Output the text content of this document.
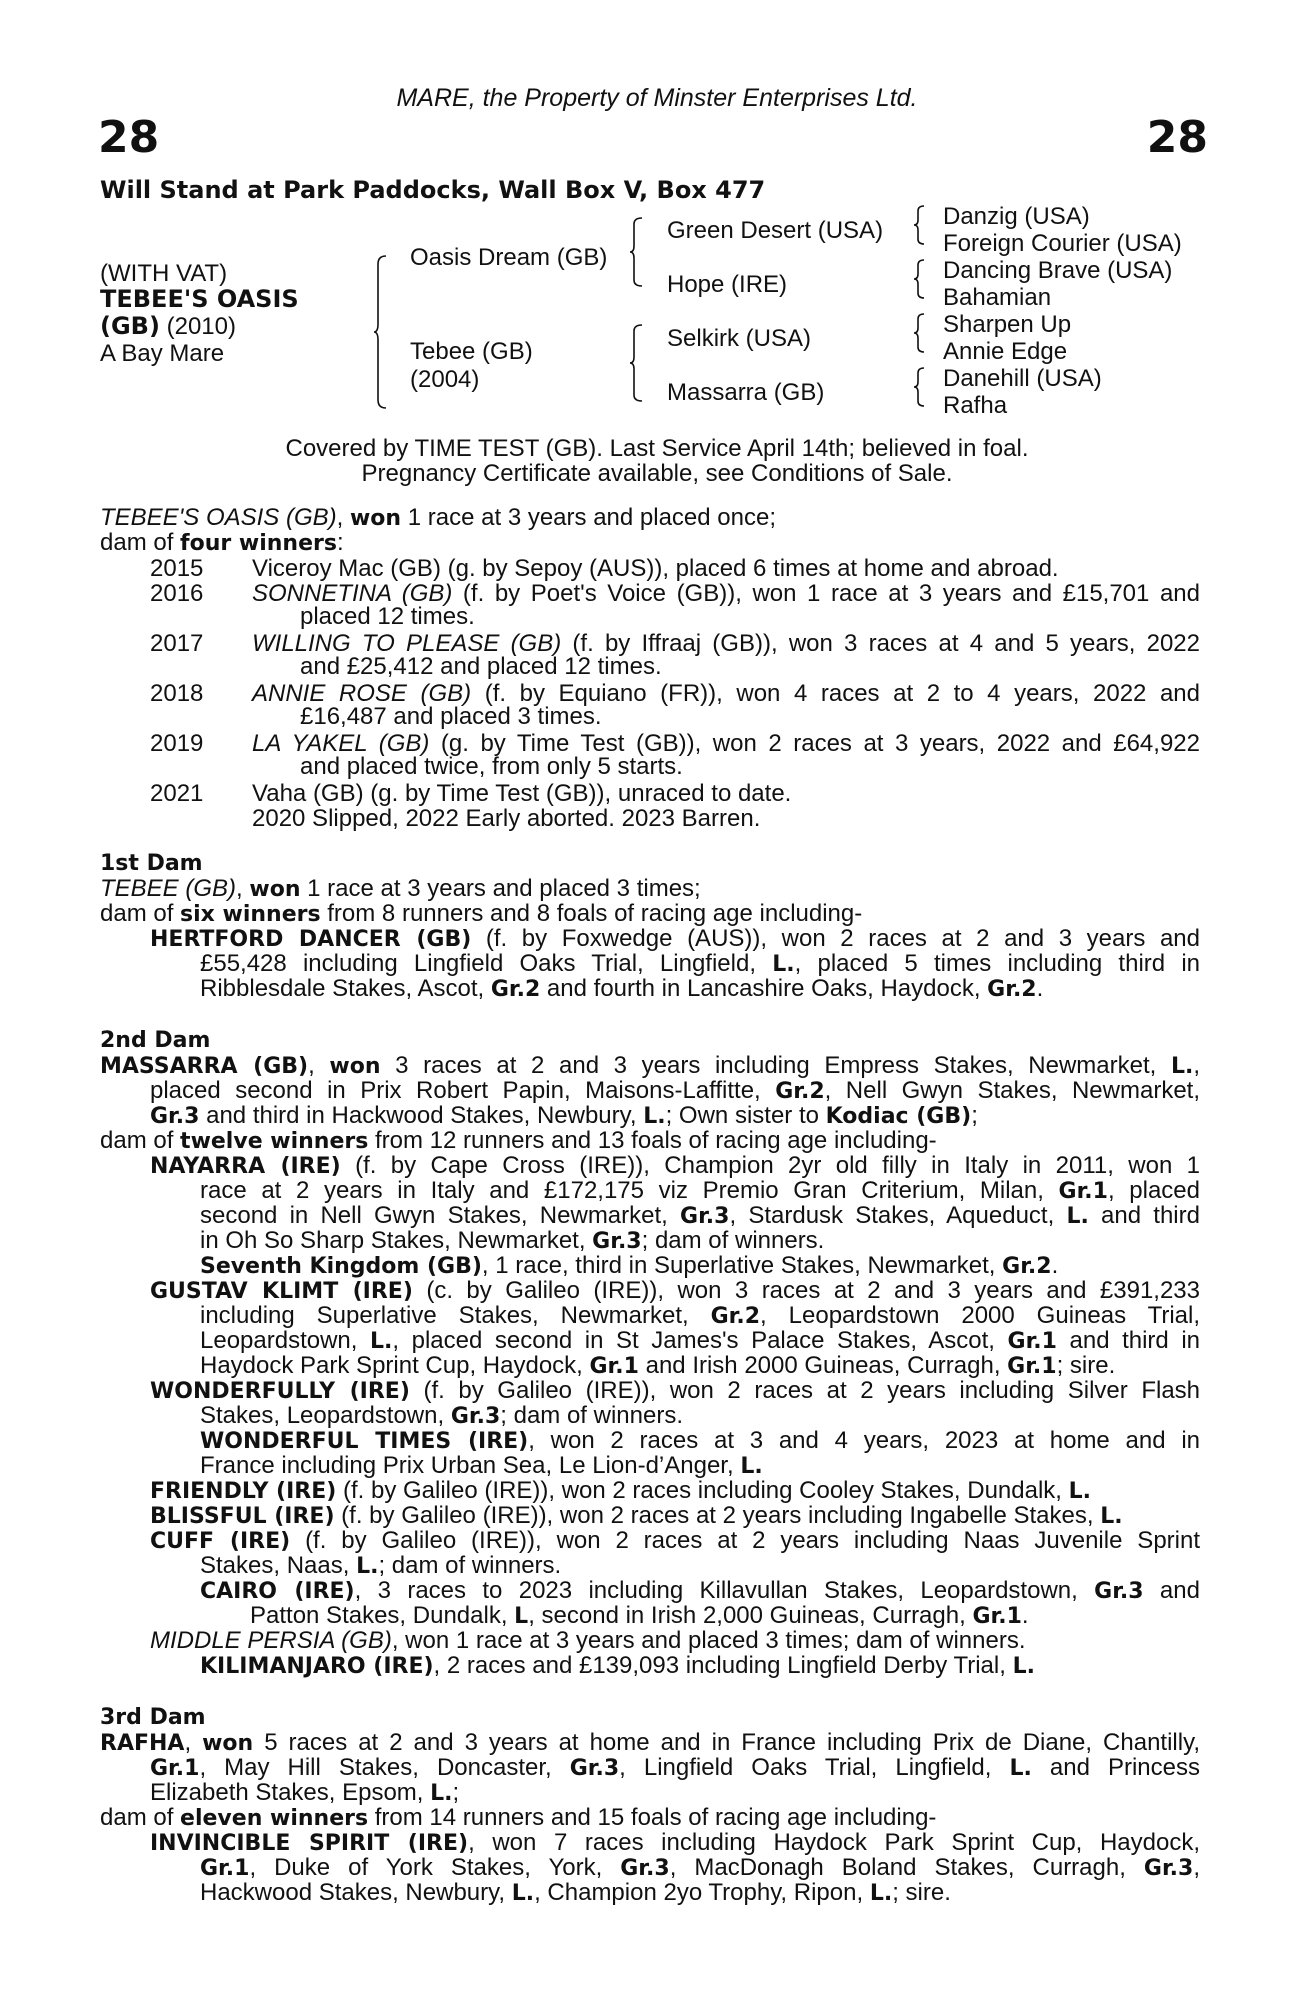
28	28
MARE, the Property of Minster Enterprises Ltd.
Will Stand at Park Paddocks, Wall Box V, Box 477
(WITH VAT)
TEBEE'S OASIS
(GB) (2010)
A Bay Mare
Oasis Dream (GB)
Tebee (GB)
(2004)
Green Desert (USA)
Hope (IRE)
Selkirk (USA)
Massarra (GB)
Danzig (USA)
Foreign Courier (USA)
Dancing Brave (USA)
Bahamian
Sharpen Up
Annie Edge
Danehill (USA)
Rafha
Covered by TIME TEST (GB). Last Service April 14th; believed in foal.
Pregnancy Certificate available, see Conditions of Sale.
TEBEE'S OASIS (GB), won 1 race at 3 years and placed once;
dam of four winners:
2015 Viceroy Mac (GB) (g. by Sepoy (AUS)), placed 6 times at home and abroad.
2016 SONNETINA (GB) (f. by Poet's Voice (GB)), won 1 race at 3 years and £15,701 and
placed 12 times.
2017 WILLING TO PLEASE (GB) (f. by Iffraaj (GB)), won 3 races at 4 and 5 years, 2022
and £25,412 and placed 12 times.
2018 ANNIE ROSE (GB) (f. by Equiano (FR)), won 4 races at 2 to 4 years, 2022 and
£16,487 and placed 3 times.
2019 LA YAKEL (GB) (g. by Time Test (GB)), won 2 races at 3 years, 2022 and £64,922
and placed twice, from only 5 starts.
2021 Vaha (GB) (g. by Time Test (GB)), unraced to date.
2020 Slipped, 2022 Early aborted. 2023 Barren.
1st Dam
TEBEE (GB), won 1 race at 3 years and placed 3 times;
dam of six winners from 8 runners and 8 foals of racing age including-
HERTFORD DANCER (GB) (f. by Foxwedge (AUS)), won 2 races at 2 and 3 years and
£55,428 including Lingfield Oaks Trial, Lingfield, L., placed 5 times including third in
Ribblesdale Stakes, Ascot, Gr.2 and fourth in Lancashire Oaks, Haydock, Gr.2.
2nd Dam
MASSARRA (GB), won 3 races at 2 and 3 years including Empress Stakes, Newmarket, L.,
placed second in Prix Robert Papin, Maisons-Laffitte, Gr.2, Nell Gwyn Stakes, Newmarket,
Gr.3 and third in Hackwood Stakes, Newbury, L.; Own sister to Kodiac (GB);
dam of twelve winners from 12 runners and 13 foals of racing age including-
NAYARRA (IRE) (f. by Cape Cross (IRE)), Champion 2yr old filly in Italy in 2011, won 1
race at 2 years in Italy and £172,175 viz Premio Gran Criterium, Milan, Gr.1, placed
second in Nell Gwyn Stakes, Newmarket, Gr.3, Stardusk Stakes, Aqueduct, L. and third
in Oh So Sharp Stakes, Newmarket, Gr.3; dam of winners.
Seventh Kingdom (GB), 1 race, third in Superlative Stakes, Newmarket, Gr.2.
GUSTAV KLIMT (IRE) (c. by Galileo (IRE)), won 3 races at 2 and 3 years and £391,233
including Superlative Stakes, Newmarket, Gr.2, Leopardstown 2000 Guineas Trial,
Leopardstown, L., placed second in St James's Palace Stakes, Ascot, Gr.1 and third in
Haydock Park Sprint Cup, Haydock, Gr.1 and Irish 2000 Guineas, Curragh, Gr.1; sire.
WONDERFULLY (IRE) (f. by Galileo (IRE)), won 2 races at 2 years including Silver Flash
Stakes, Leopardstown, Gr.3; dam of winners.
WONDERFUL TIMES (IRE), won 2 races at 3 and 4 years, 2023 at home and in
France including Prix Urban Sea, Le Lion-d’Anger, L.
FRIENDLY (IRE) (f. by Galileo (IRE)), won 2 races including Cooley Stakes, Dundalk, L.
BLISSFUL (IRE) (f. by Galileo (IRE)), won 2 races at 2 years including Ingabelle Stakes, L.
CUFF (IRE) (f. by Galileo (IRE)), won 2 races at 2 years including Naas Juvenile Sprint
Stakes, Naas, L.; dam of winners.
CAIRO (IRE), 3 races to 2023 including Killavullan Stakes, Leopardstown, Gr.3 and
Patton Stakes, Dundalk, L, second in Irish 2,000 Guineas, Curragh, Gr.1.
MIDDLE PERSIA (GB), won 1 race at 3 years and placed 3 times; dam of winners.
KILIMANJARO (IRE), 2 races and £139,093 including Lingfield Derby Trial, L.
3rd Dam
RAFHA, won 5 races at 2 and 3 years at home and in France including Prix de Diane, Chantilly,
Gr.1, May Hill Stakes, Doncaster, Gr.3, Lingfield Oaks Trial, Lingfield, L. and Princess
Elizabeth Stakes, Epsom, L.;
dam of eleven winners from 14 runners and 15 foals of racing age including-
INVINCIBLE SPIRIT (IRE), won 7 races including Haydock Park Sprint Cup, Haydock,
Gr.1, Duke of York Stakes, York, Gr.3, MacDonagh Boland Stakes, Curragh, Gr.3,
Hackwood Stakes, Newbury, L., Champion 2yo Trophy, Ripon, L.; sire.
